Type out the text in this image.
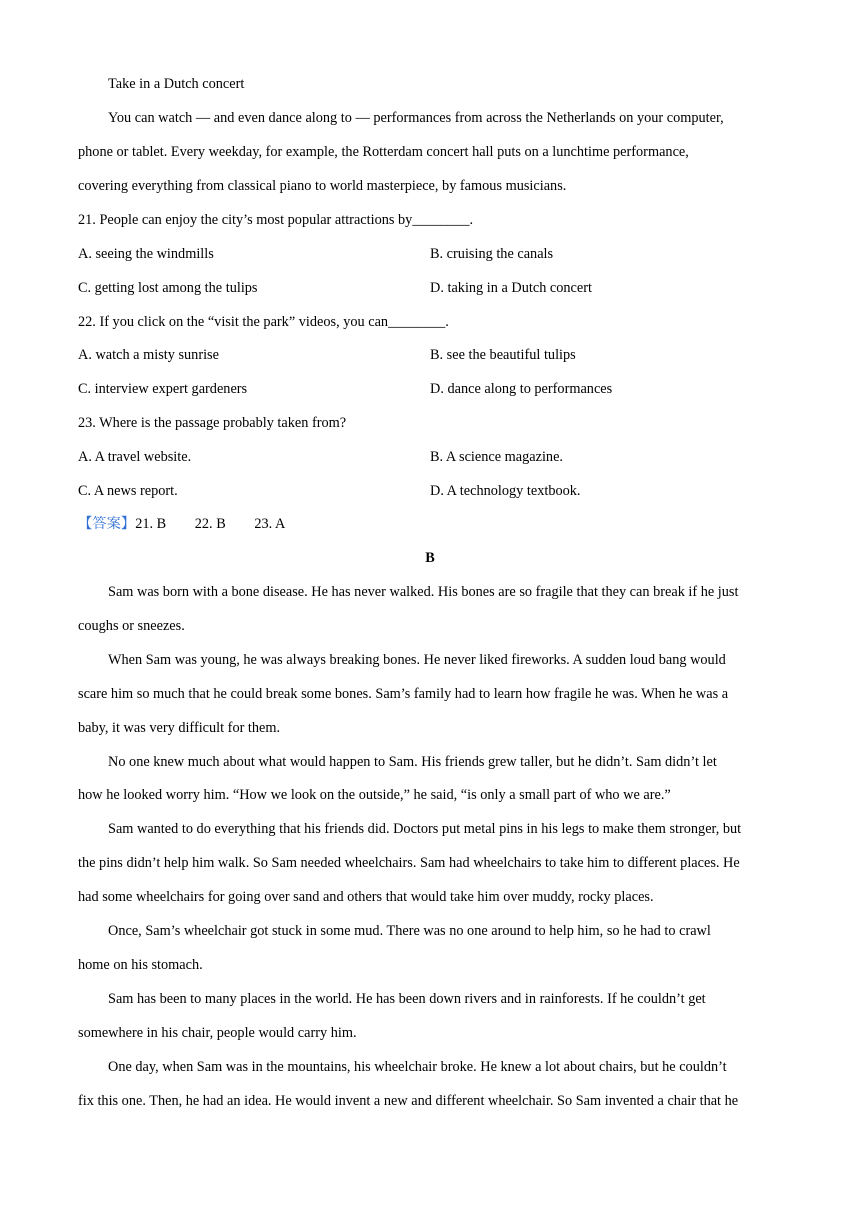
Take in a Dutch concert

You can watch — and even dance along to — performances from across the Netherlands on your computer,

phone or tablet. Every weekday, for example, the Rotterdam concert hall puts on a lunchtime performance,

covering everything from classical piano to world masterpiece, by famous musicians.

21. People can enjoy the city’s most popular attractions by________.

A. seeing the windmills	B. cruising the canals

C. getting lost among the tulips	D. taking in a Dutch concert

22. If you click on the “visit the park” videos, you can________.

A. watch a misty sunrise	B. see the beautiful tulips

C. interview expert gardeners	D. dance along to performances

23. Where is the passage probably taken from?

A. A travel website.	B. A science magazine.

C. A news report.	D. A technology textbook.

【答案】21. B        22. B        23. A

B

Sam was born with a bone disease. He has never walked. His bones are so fragile that they can break if he just

coughs or sneezes.

When Sam was young, he was always breaking bones. He never liked fireworks. A sudden loud bang would

scare him so much that he could break some bones. Sam’s family had to learn how fragile he was. When he was a

baby, it was very difficult for them.

No one knew much about what would happen to Sam. His friends grew taller, but he didn’t. Sam didn’t let

how he looked worry him. “How we look on the outside,” he said, “is only a small part of who we are.”

Sam wanted to do everything that his friends did. Doctors put metal pins in his legs to make them stronger, but

the pins didn’t help him walk. So Sam needed wheelchairs. Sam had wheelchairs to take him to different places. He

had some wheelchairs for going over sand and others that would take him over muddy, rocky places.

Once, Sam’s wheelchair got stuck in some mud. There was no one around to help him, so he had to crawl

home on his stomach.

Sam has been to many places in the world. He has been down rivers and in rainforests. If he couldn’t get

somewhere in his chair, people would carry him.

One day, when Sam was in the mountains, his wheelchair broke. He knew a lot about chairs, but he couldn’t

fix this one. Then, he had an idea. He would invent a new and different wheelchair. So Sam invented a chair that he
